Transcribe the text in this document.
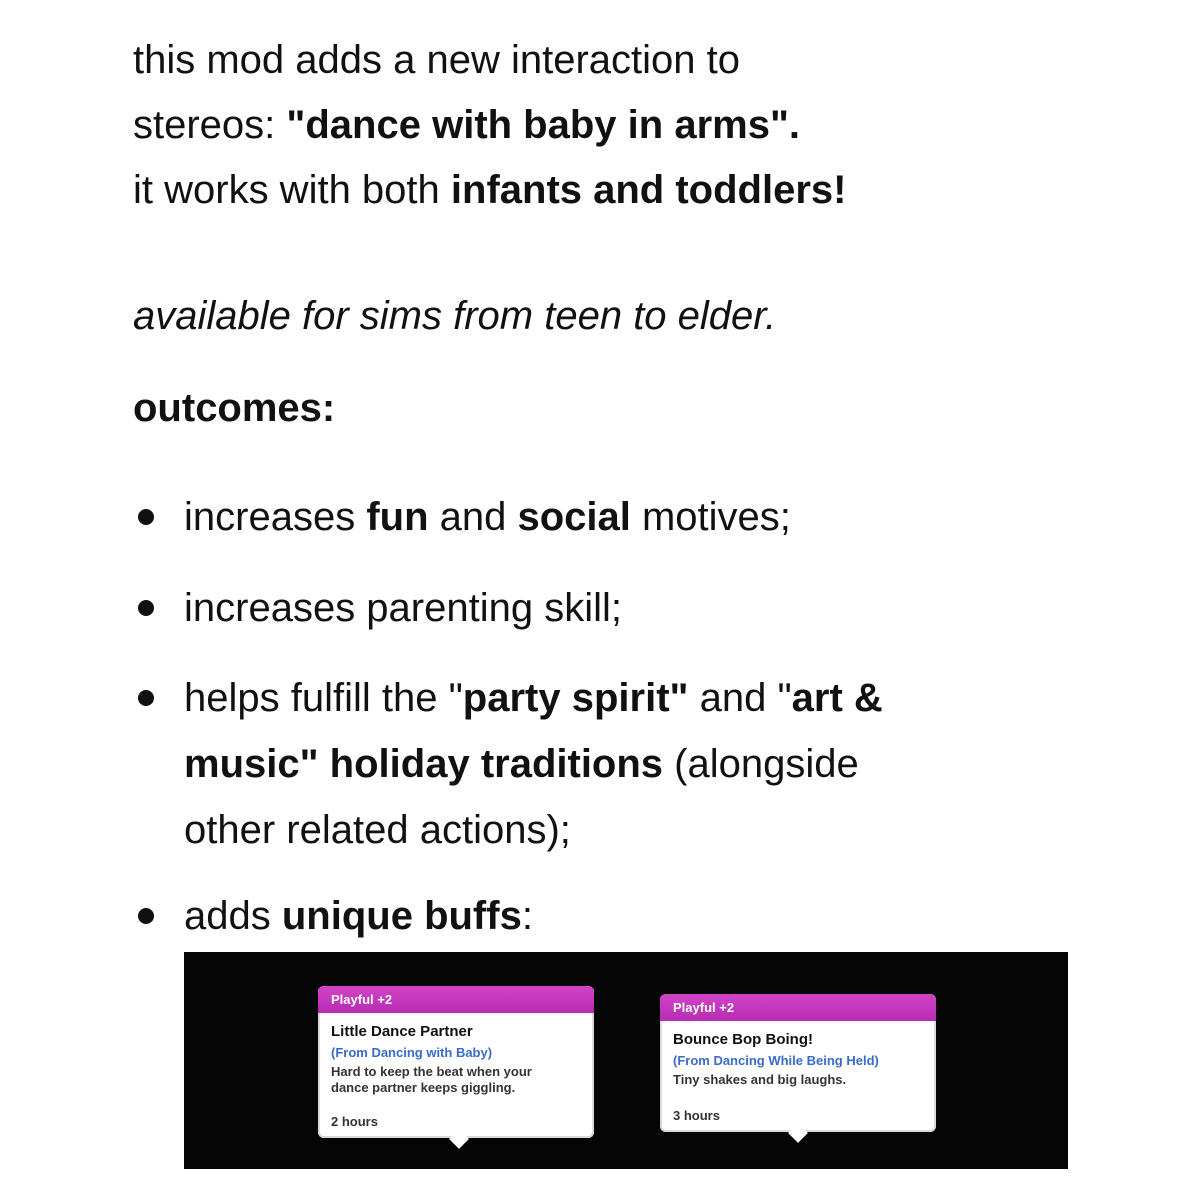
this mod adds a new interaction to

stereos: "dance with baby in arms".

it works with both infants and toddlers!

available for sims from teen to elder.

outcomes:

increases fun and social motives;
increases parenting skill;
helps fulfill the "party spirit" and "art &
music" holiday traditions (alongside
other related actions);
adds unique buffs:
Playful +2
Little Dance Partner
(From Dancing with Baby)
Hard to keep the beat when your
dance partner keeps giggling.
2 hours
Playful +2
Bounce Bop Boing!
(From Dancing While Being Held)
Tiny shakes and big laughs.
3 hours
